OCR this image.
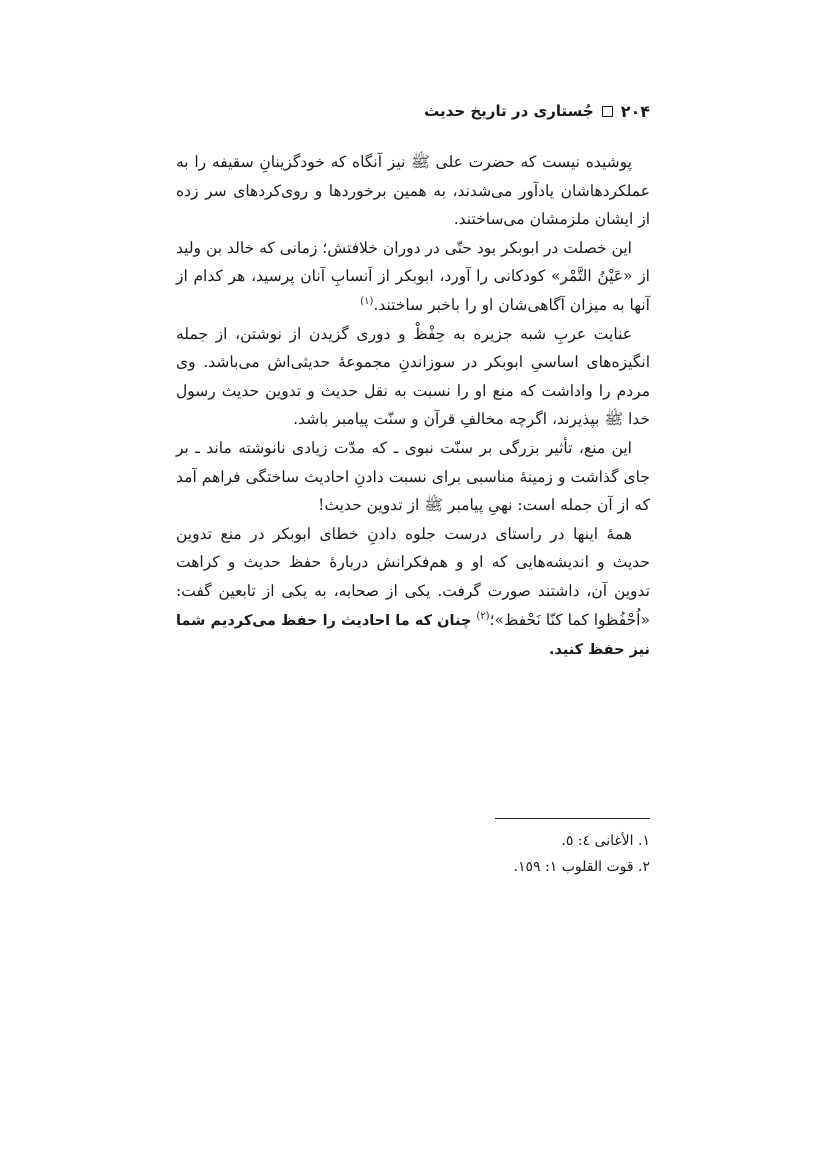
۲۰۴
جُستاری در تاریخ حدیث

پوشیده نیست که حضرت علی ﷺ نیز آنگاه که خودگزینانِ سقیفه را به عملکردهاشان یادآور می‌شدند، به همین برخوردها و روی‌کردهای سر زده از ایشان ملزمشان می‌ساختند.

این خصلت در ابوبکر بود حتّی در دوران خلافتش؛ زمانی که خالد بن ولید از «عَیْنُ التَّمْر» کودکانی را آورد، ابوبکر از اَنسابِ آنان پرسید، هر کدام از آنها به میزان آگاهی‌شان او را باخبر ساختند.$^{(۱)}$

عنایت عربِ شبه جزیره به حِفْظْ و دوری گزیدن از نوشتن، از جمله انگیزه‌های اساسیِ ابوبکر در سوزاندنِ مجموعهٔ حدیثی‌اش می‌باشد. وی مردم را واداشت که منع او را نسبت به نقل حدیث و تدوین حدیث رسول خدا ﷺ بپذیرند، اگرچه مخالفِ قرآن و سنّت پیامبر باشد.

این منع، تأثیر بزرگی بر سنّت نبوی ـ که مدّت زیادی نانوشته ماند ـ بر جای گذاشت و زمینهٔ مناسبی برای نسبت دادنِ احادیث ساختگی فراهم آمد که از آن جمله است: نهیِ پیامبر ﷺ از تدوین حدیث!

همهٔ اینها در راستای درست جلوه دادنِ خطای ابوبکر در منع تدوین حدیث و اندیشه‌هایی که او و هم‌فکرانش دربارهٔ حفظ حدیث و کراهت تدوین آن، داشتند صورت گرفت. یکی از صحابه، به یکی از تابعین گفت: «اُحْفُظوا کما کنّا نَحْفظ»؛$^{(۲)}$ چنان که ما احادیث را حفظ می‌کردیم شما نیز حفظ کنید.

۱. الأغانی ٤: ٥.
۲. قوت القلوب ۱: ۱٥۹.
